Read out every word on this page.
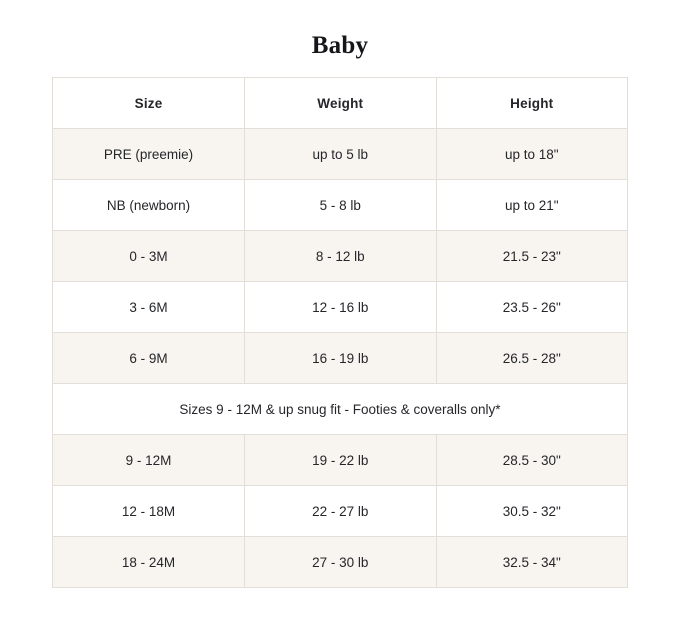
Baby
Size	Weight	Height
PRE (preemie)	up to 5 lb	up to 18"
NB (newborn)	5 - 8 lb	up to 21"
0 - 3M	8 - 12 lb	21.5 - 23"
3 - 6M	12 - 16 lb	23.5 - 26"
6 - 9M	16 - 19 lb	26.5 - 28"
Sizes 9 - 12M & up snug fit - Footies & coveralls only*		
9 - 12M	19 - 22 lb	28.5 - 30"
12 - 18M	22 - 27 lb	30.5 - 32"
18 - 24M	27 - 30 lb	32.5 - 34"
